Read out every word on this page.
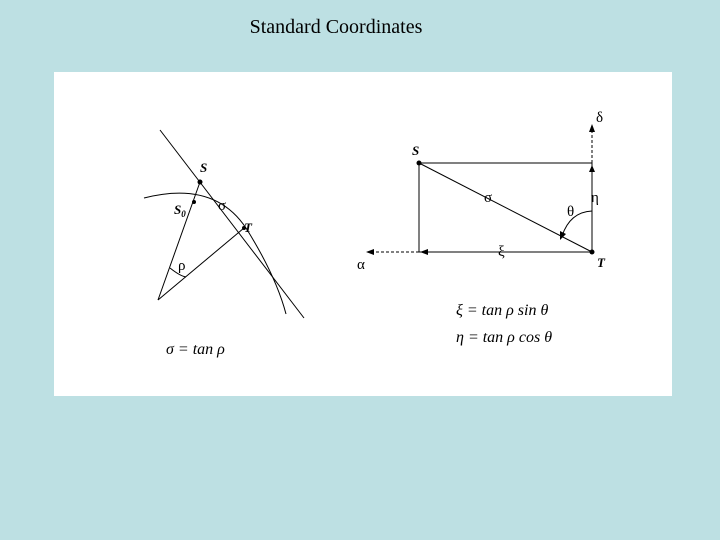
Standard Coordinates
S
$S_0$
T
σ
ρ
σ = tan ρ
S
T
σ
θ
η
ξ
δ
α
ξ = tan ρ sin θ
η = tan ρ cos θ
